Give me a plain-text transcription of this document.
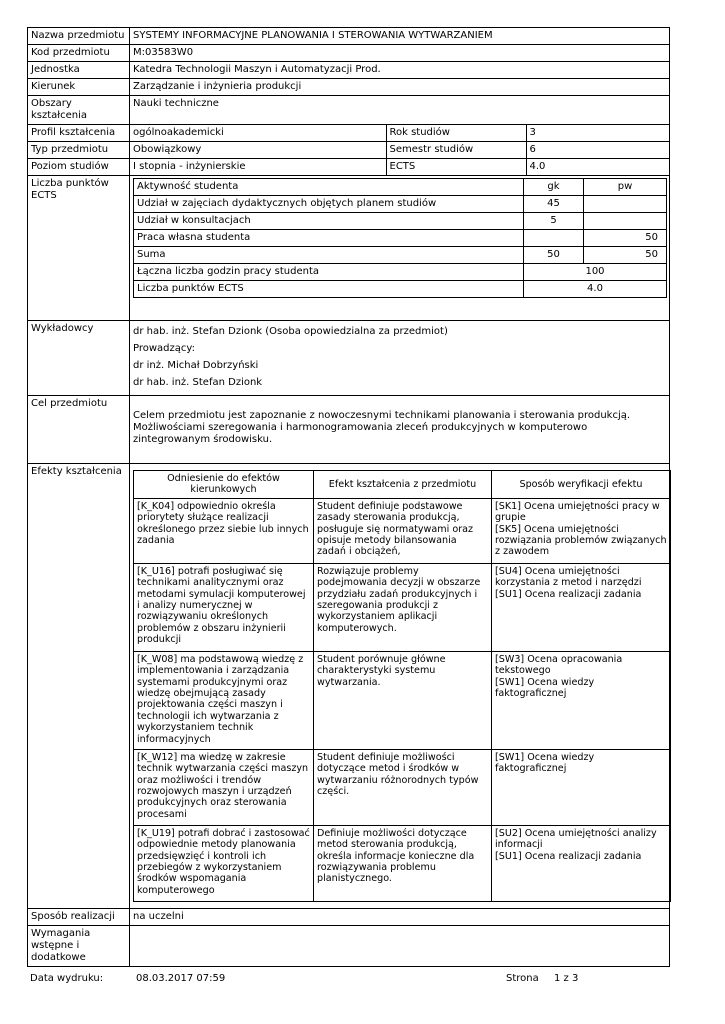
Nazwa przedmiotu	SYSTEMY INFORMACYJNE PLANOWANIA I STEROWANIA WYTWARZANIEM
Kod przedmiotu	M:03583W0
Jednostka	Katedra Technologii Maszyn i Automatyzacji Prod.
Kierunek	Zarządzanie i inżynieria produkcji
Obszary kształcenia	Nauki techniczne
Profil kształcenia	ogólnoakademicki	Rok studiów	3

Typ przedmiotu	Obowiązkowy	Semestr studiów	6

Poziom studiów	I stopnia - inżynierskie	ECTS	4.0

Liczba punktów ECTS	
Aktywność studenta	gk	pw
Udział w zajęciach dydaktycznych objętych planem studiów	45	
Udział w konsultacjach	5	
Praca własna studenta		50
Suma	50	50
Łączna liczba godzin pracy studenta	100
Liczba punktów ECTS	4.0

Wykładowcy	dr hab. inż. Stefan Dzionk (Osoba opowiedzialna za przedmiot)

Prowadzący:

dr inż. Michał Dobrzyński

dr hab. inż. Stefan Dzionk

Cel przedmiotu	Celem przedmiotu jest zapoznanie z nowoczesnymi technikami planowania i sterowania produkcją. Możliwościami szeregowania i harmonogramowania zleceń produkcyjnych w komputerowo zintegrowanym środowisku.
Efekty kształcenia	
Odniesienie do efektów kierunkowych	Efekt kształcenia z przedmiotu	Sposób weryfikacji efektu
[K_K04] odpowiednio określa priorytety służące realizacji określonego przez siebie lub innych zadania	Student definiuje podstawowe zasady sterowania produkcją, posługuje się normatywami oraz opisuje metody bilansowania zadań i obciążeń,	[SK1] Ocena umiejętności pracy w grupie
[SK5] Ocena umiejętności rozwiązania problemów związanych z zawodem
[K_U16] potrafi posługiwać się technikami analitycznymi oraz metodami symulacji komputerowej i analizy numerycznej w rozwiązywaniu określonych problemów z obszaru inżynierii produkcji	Rozwiązuje problemy podejmowania decyzji w obszarze przydziału zadań produkcyjnych i szeregowania produkcji z wykorzystaniem aplikacji komputerowych.	[SU4] Ocena umiejętności korzystania z metod i narzędzi
[SU1] Ocena realizacji zadania
[K_W08] ma podstawową wiedzę z implementowania i zarządzania systemami produkcyjnymi oraz wiedzę obejmującą zasady projektowania części maszyn i technologii ich wytwarzania z wykorzystaniem technik informacyjnych	Student porównuje główne charakterystyki systemu wytwarzania.	[SW3] Ocena opracowania tekstowego
[SW1] Ocena wiedzy faktograficznej
[K_W12] ma wiedzę w zakresie technik wytwarzania części maszyn oraz możliwości i trendów rozwojowych maszyn i urządzeń produkcyjnych oraz sterowania procesami	Student definiuje możliwości dotyczące metod i środków w wytwarzaniu różnorodnych typów części.	[SW1] Ocena wiedzy faktograficznej
[K_U19] potrafi dobrać i zastosować odpowiednie metody planowania przedsięwzięć i kontroli ich przebiegów z wykorzystaniem środków wspomagania komputerowego	Definiuje możliwości dotyczące metod sterowania produkcją, określa informacje konieczne dla rozwiązywania problemu planistycznego.	[SU2] Ocena umiejętności analizy informacji
[SU1] Ocena realizacji zadania

Sposób realizacji	na uczelni
Wymagania wstępne i dodatkowe	
Data wydruku:	08.03.2017 07:59	Strona 1 z 3
